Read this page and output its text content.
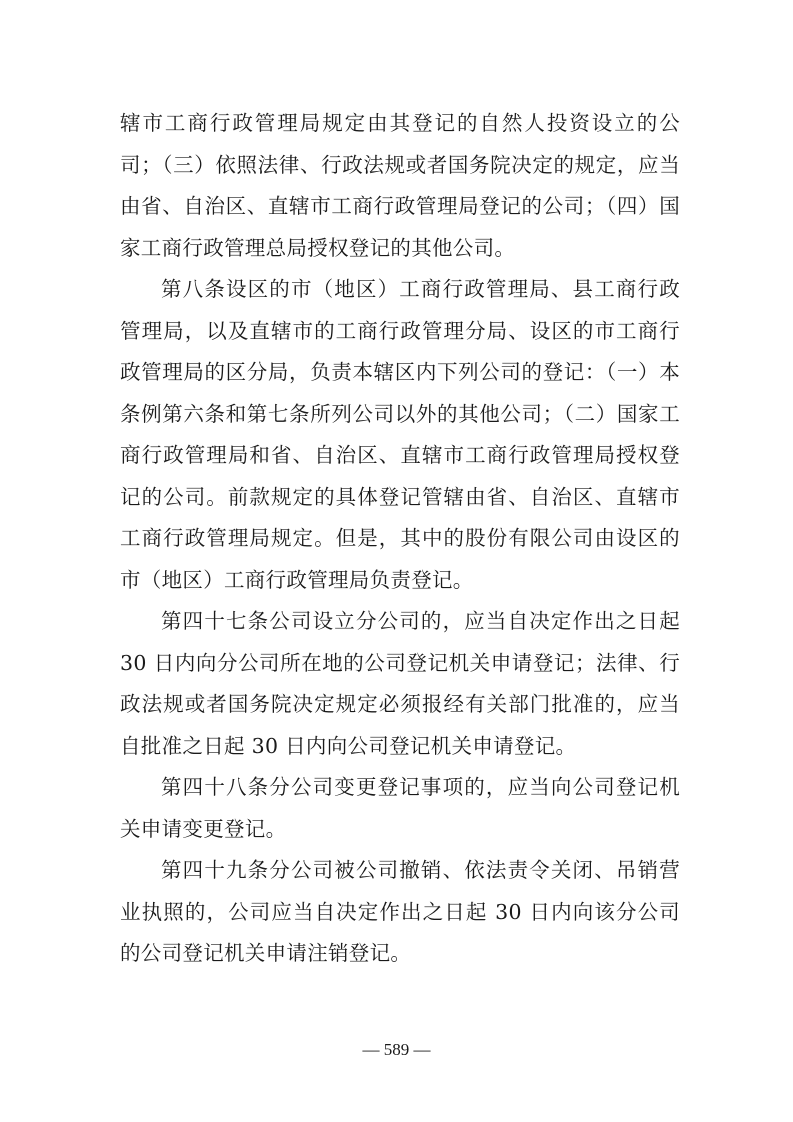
辖市工商行政管理局规定由其登记的自然人投资设立的公司；（三）依照法律、行政法规或者国务院决定的规定，应当由省、自治区、直辖市工商行政管理局登记的公司；（四）国家工商行政管理总局授权登记的其他公司。

第八条设区的市（地区）工商行政管理局、县工商行政管理局，以及直辖市的工商行政管理分局、设区的市工商行政管理局的区分局，负责本辖区内下列公司的登记：（一）本条例第六条和第七条所列公司以外的其他公司；（二）国家工商行政管理局和省、自治区、直辖市工商行政管理局授权登记的公司。前款规定的具体登记管辖由省、自治区、直辖市工商行政管理局规定。但是，其中的股份有限公司由设区的市（地区）工商行政管理局负责登记。

第四十七条公司设立分公司的，应当自决定作出之日起 30 日内向分公司所在地的公司登记机关申请登记；法律、行政法规或者国务院决定规定必须报经有关部门批准的，应当自批准之日起 30 日内向公司登记机关申请登记。

第四十八条分公司变更登记事项的，应当向公司登记机关申请变更登记。

第四十九条分公司被公司撤销、依法责令关闭、吊销营业执照的，公司应当自决定作出之日起 30 日内向该分公司的公司登记机关申请注销登记。

— 589 —
